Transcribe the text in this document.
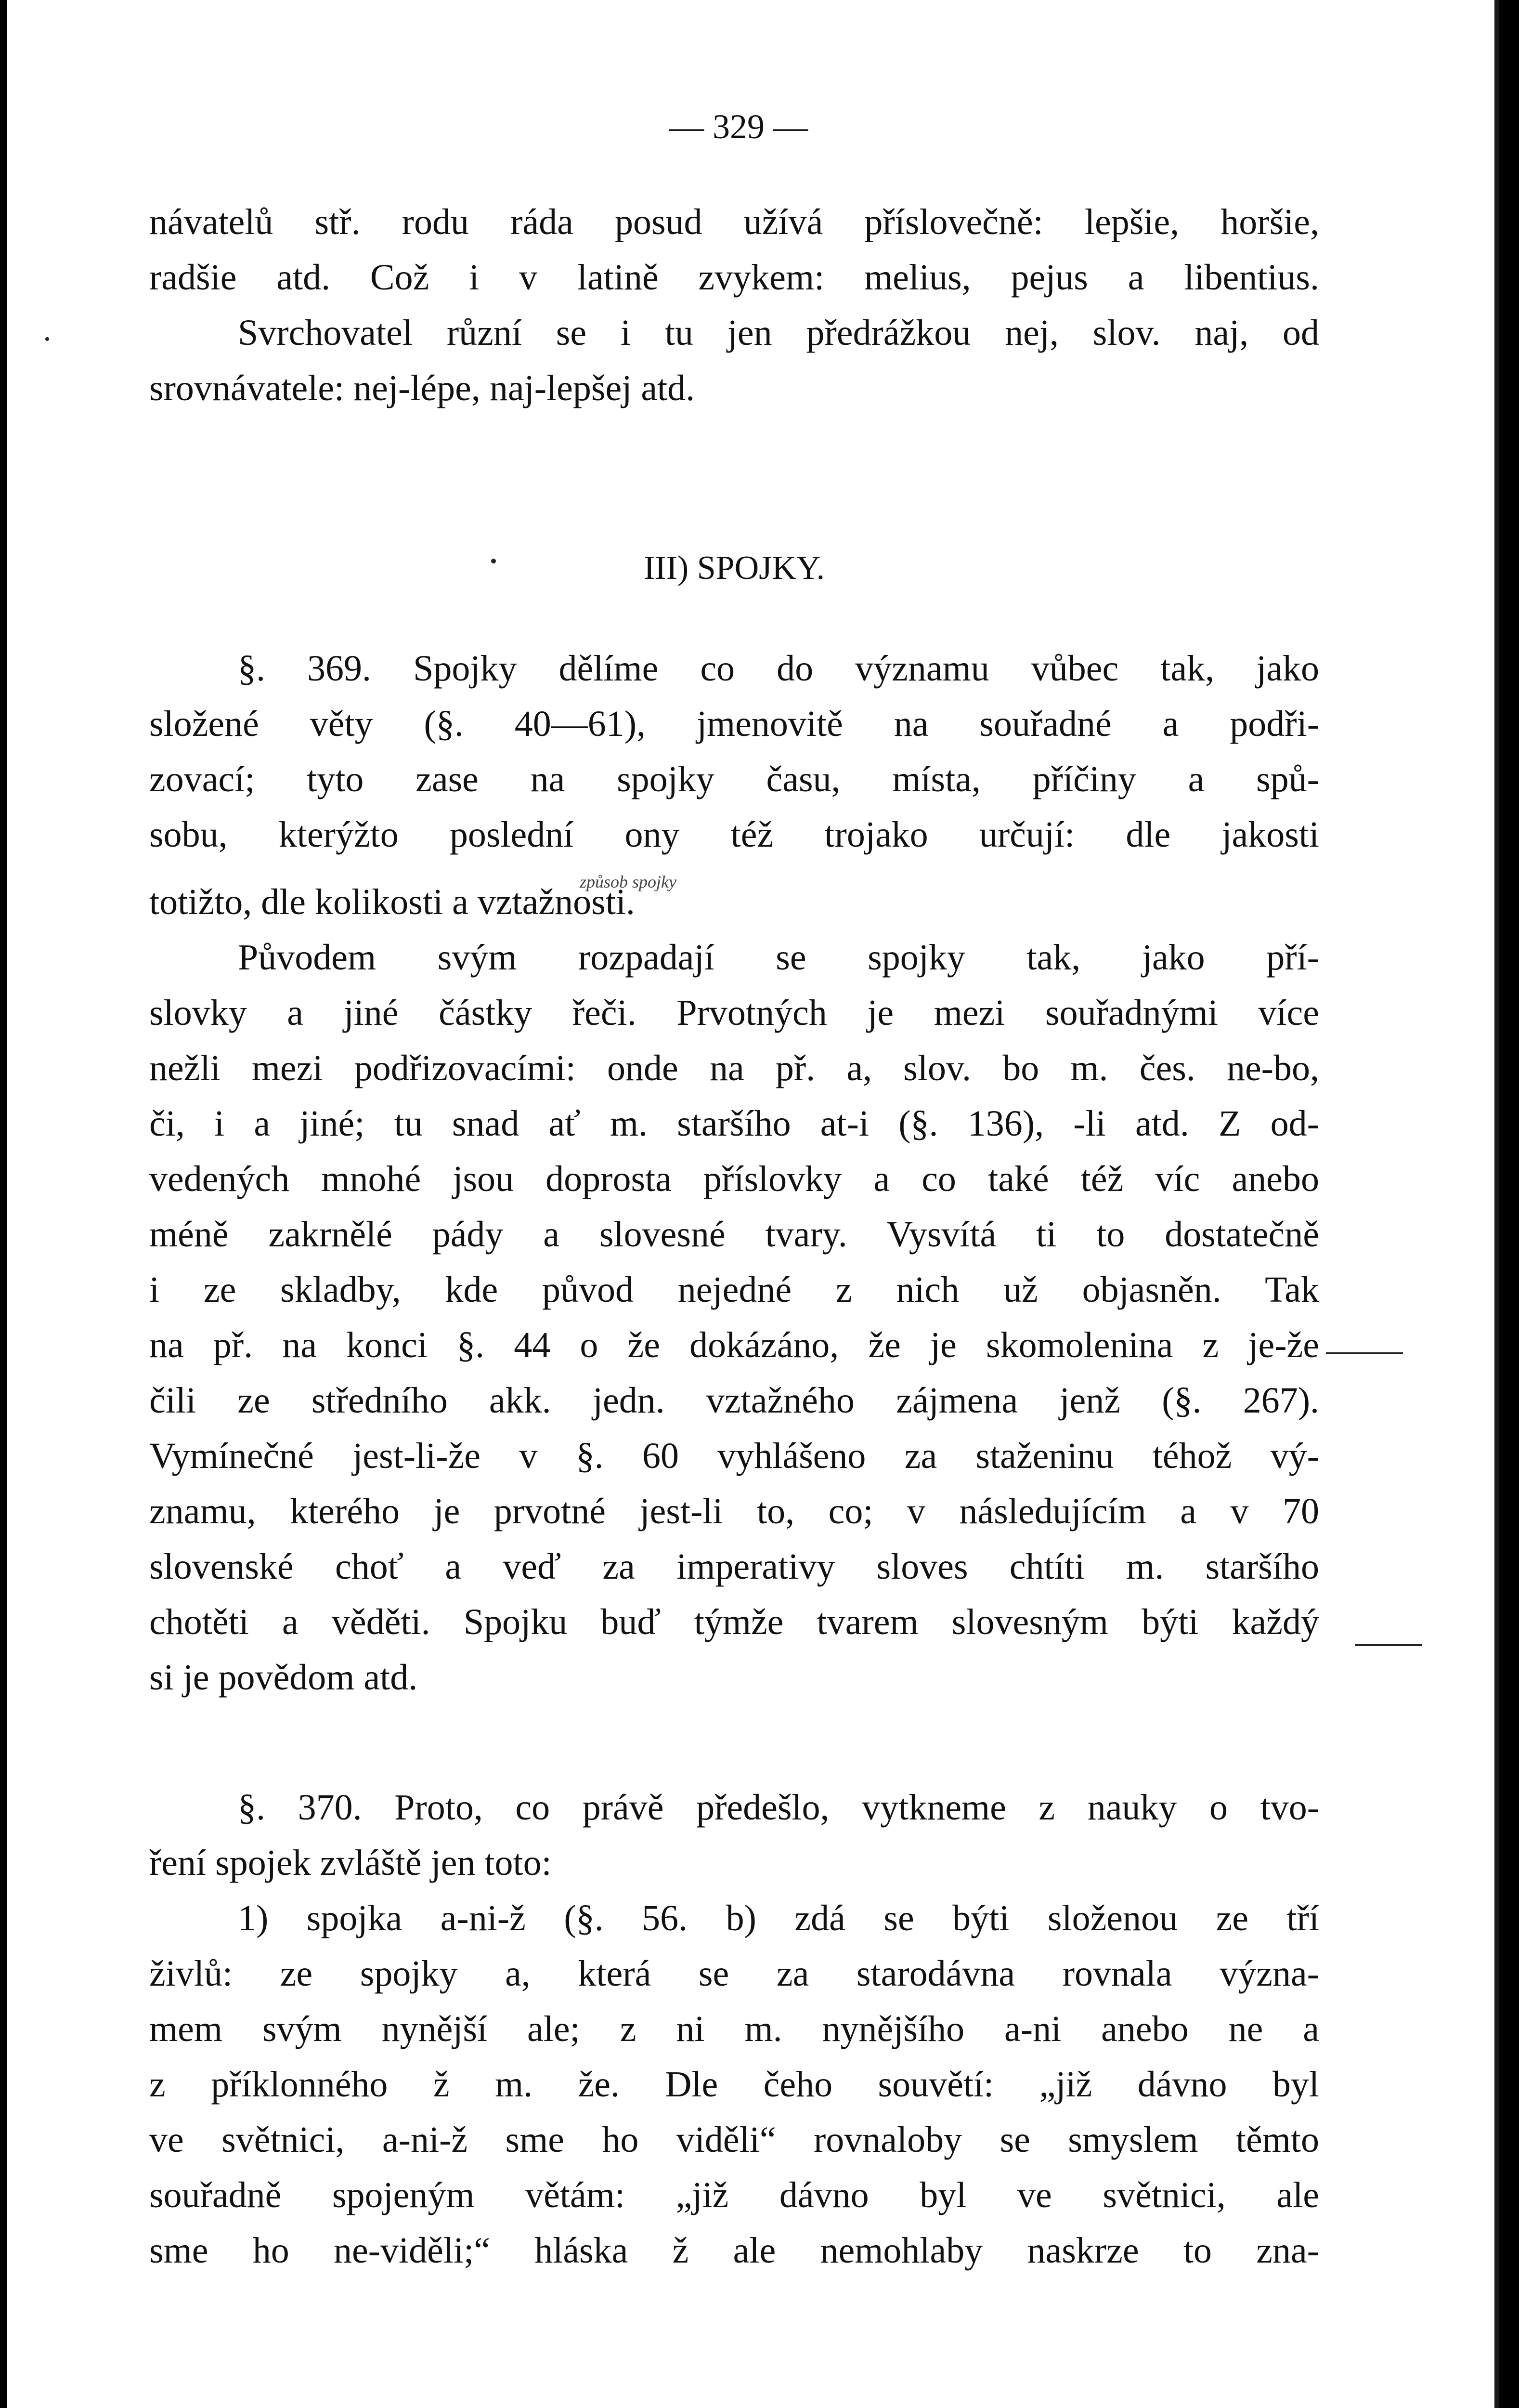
— 329 —
III) SPOJKY.
návatelů stř. rodu ráda posud užívá příslovečně: lepšie, horšie,
radšie atd. Což i v latině zvykem: melius, pejus a libentius.
Svrchovatel různí se i tu jen předrážkou nej, slov. naj, od
srovnávatele: nej-lépe, naj-lepšej atd.
§. 369. Spojky dělíme co do významu vůbec tak, jako
složené věty (§. 40—61), jmenovitě na souřadné a podři-
zovací; tyto zase na spojky času, místa, příčiny a spů-
sobu, kterýžto poslední ony též trojako určují: dle jakosti
totižto, dle kolikosti a vztažnosti.
Původem svým rozpadají se spojky tak, jako pří-
slovky a jiné částky řeči. Prvotných je mezi souřadnými více
nežli mezi podřizovacími: onde na př. a, slov. bo m. čes. ne-bo,
či, i a jiné; tu snad ať m. staršího at-i (§. 136), -li atd. Z od-
vedených mnohé jsou doprosta příslovky a co také též víc anebo
méně zakrnělé pády a slovesné tvary. Vysvítá ti to dostatečně
i ze skladby, kde původ nejedné z nich už objasněn. Tak
na př. na konci §. 44 o že dokázáno, že je skomolenina z je-že
čili ze středního akk. jedn. vztažného zájmena jenž (§. 267).
Vymínečné jest-li-že v §. 60 vyhlášeno za staženinu téhož vý-
znamu, kterého je prvotné jest-li to, co; v následujícím a v 70
slovenské choť a veď za imperativy sloves chtíti m. staršího
chotěti a věděti. Spojku buď týmže tvarem slovesným býti každý
si je povědom atd.
§. 370. Proto, co právě předešlo, vytkneme z nauky o tvo-
ření spojek zvláště jen toto:
1) spojka a-ni-ž (§. 56. b) zdá se býti složenou ze tří
živlů: ze spojky a, která se za starodávna rovnala význa-
mem svým nynější ale; z ni m. nynějšího a-ni anebo ne a
z příklonného ž m. že. Dle čeho souvětí: „již dávno byl
ve světnici, a-ni-ž sme ho viděli“ rovnaloby se smyslem těmto
souřadně spojeným větám: „již dávno byl ve světnici, ale
sme ho ne-viděli;“ hláska ž ale nemohlaby naskrze to zna-
způsob spojky
